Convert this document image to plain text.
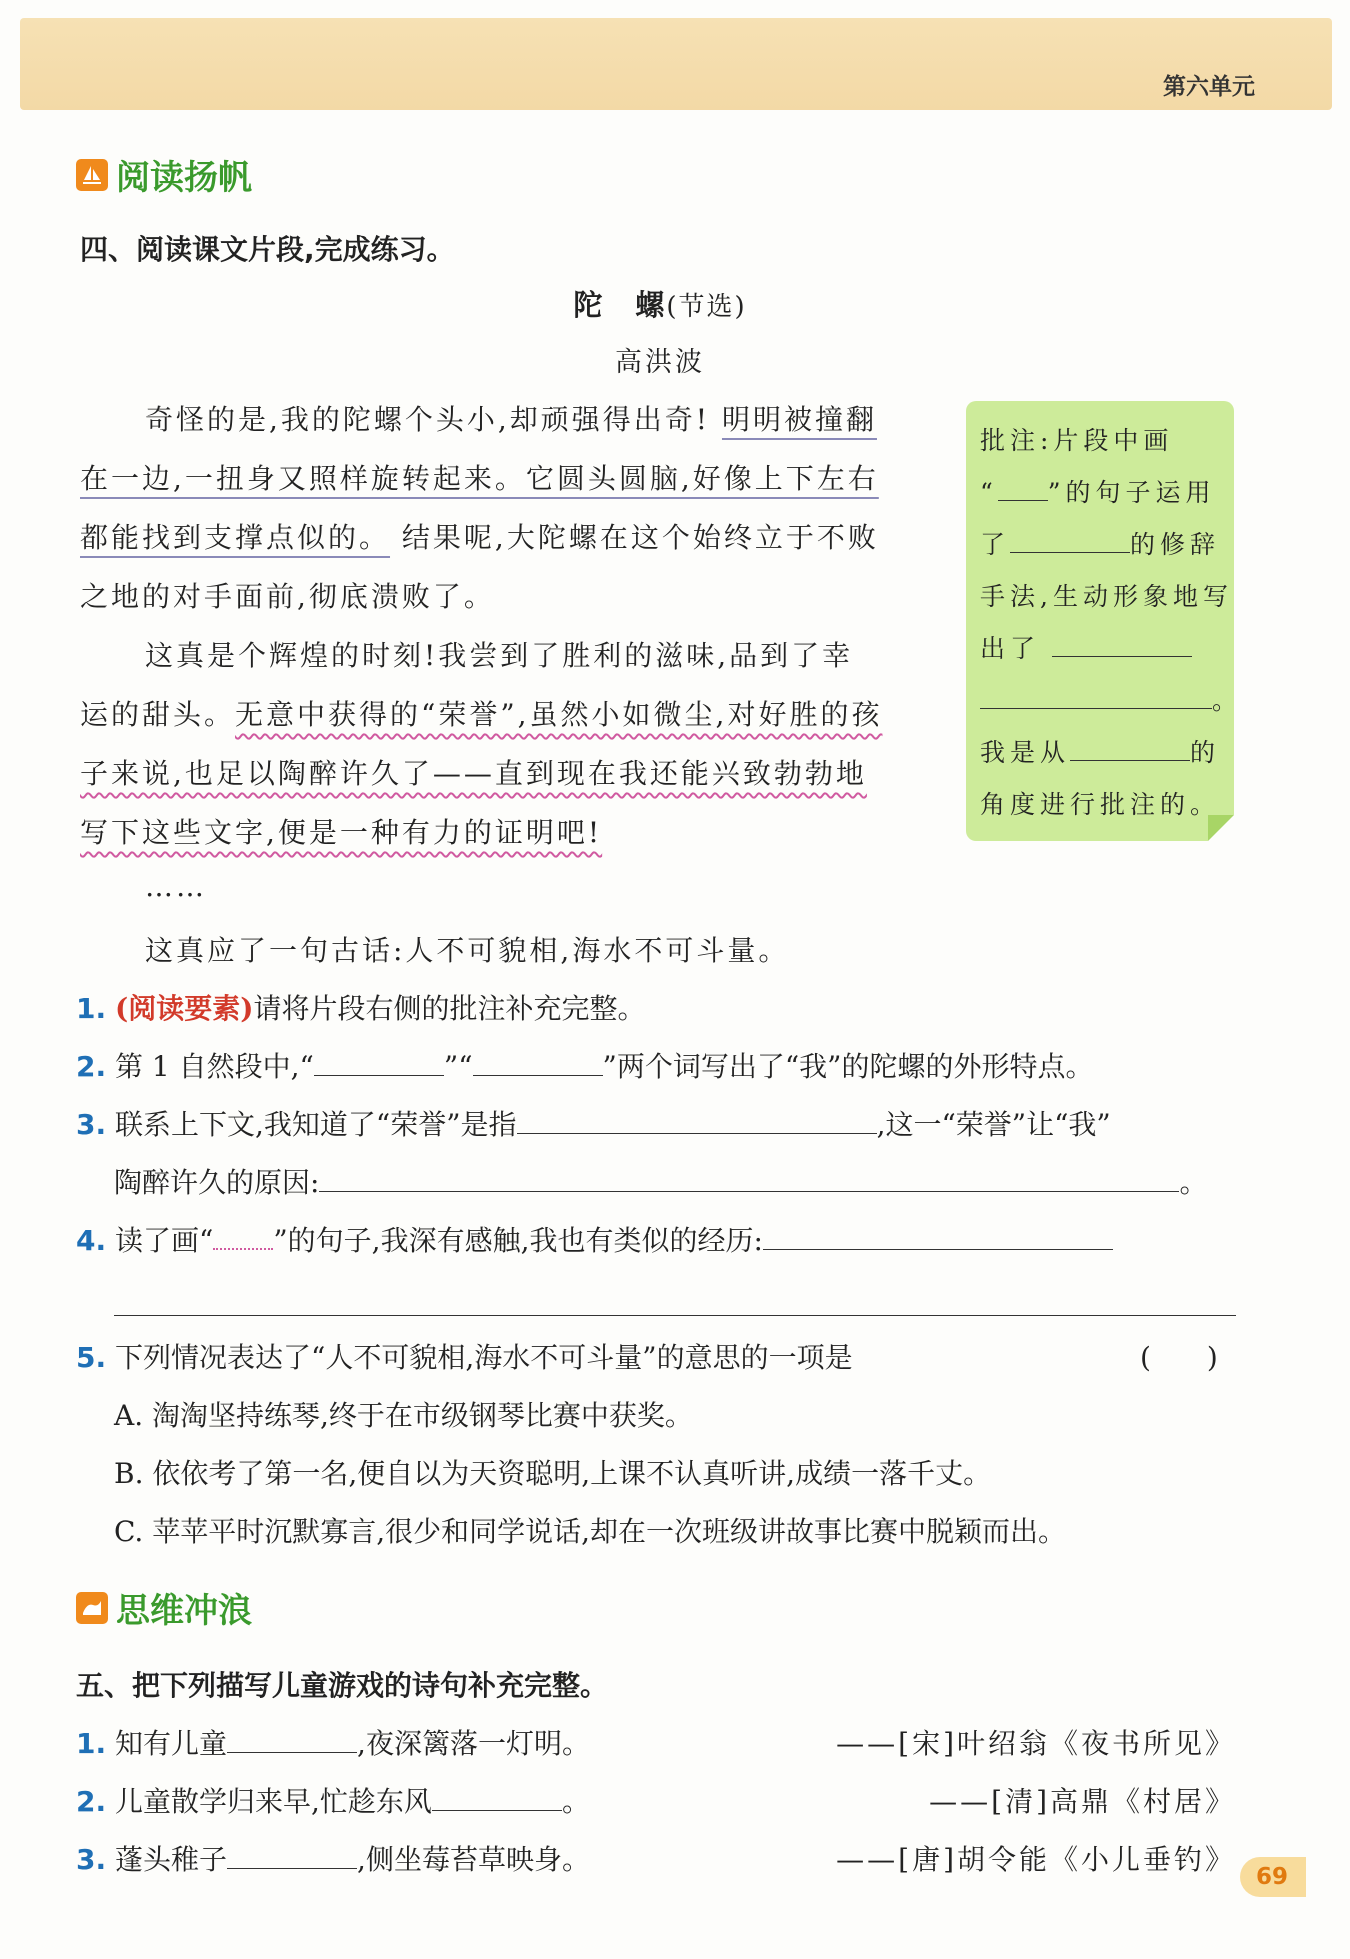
第六单元
阅读扬帆
四、阅读课文片段,完成练习。
陀　螺(节选)
高洪波
奇怪的是,我的陀螺个头小,却顽强得出奇! 明明被撞翻
在一边,一扭身又照样旋转起来。它圆头圆脑,好像上下左右
都能找到支撑点似的。 结果呢,大陀螺在这个始终立于不败
之地的对手面前,彻底溃败了。
这真是个辉煌的时刻!我尝到了胜利的滋味,品到了幸
运的甜头。无意中获得的“荣誉”,虽然小如微尘,对好胜的孩
子来说,也足以陶醉许久了——直到现在我还能兴致勃勃地
写下这些文字,便是一种有力的证明吧!
……
这真应了一句古话:人不可貌相,海水不可斗量。
批注:片段中画
“ ”的句子运用
了	的修辞
手法,生动形象地写
出了
。
我是从	的
角度进行批注的。
1. (阅读要素)请将片段右侧的批注补充完整。
2. 第 1 自然段中,“	”“	”两个词写出了“我”的陀螺的外形特点。
3. 联系上下文,我知道了“荣誉”是指	,这一“荣誉”让“我”
陶醉许久的原因:	。
4. 读了画“ ”的句子,我深有感触,我也有类似的经历:
5. 下列情况表达了“人不可貌相,海水不可斗量”的意思的一项是	(　　)
A. 淘淘坚持练琴,终于在市级钢琴比赛中获奖。
B. 依依考了第一名,便自以为天资聪明,上课不认真听讲,成绩一落千丈。
C. 苹苹平时沉默寡言,很少和同学说话,却在一次班级讲故事比赛中脱颖而出。
思维冲浪
五、把下列描写儿童游戏的诗句补充完整。
1. 知有儿童	,夜深篱落一灯明。	——[宋]叶绍翁《夜书所见》
2. 儿童散学归来早,忙趁东风	。	——[清]高鼎《村居》
3. 蓬头稚子	,侧坐莓苔草映身。	——[唐]胡令能《小儿垂钓》
69
